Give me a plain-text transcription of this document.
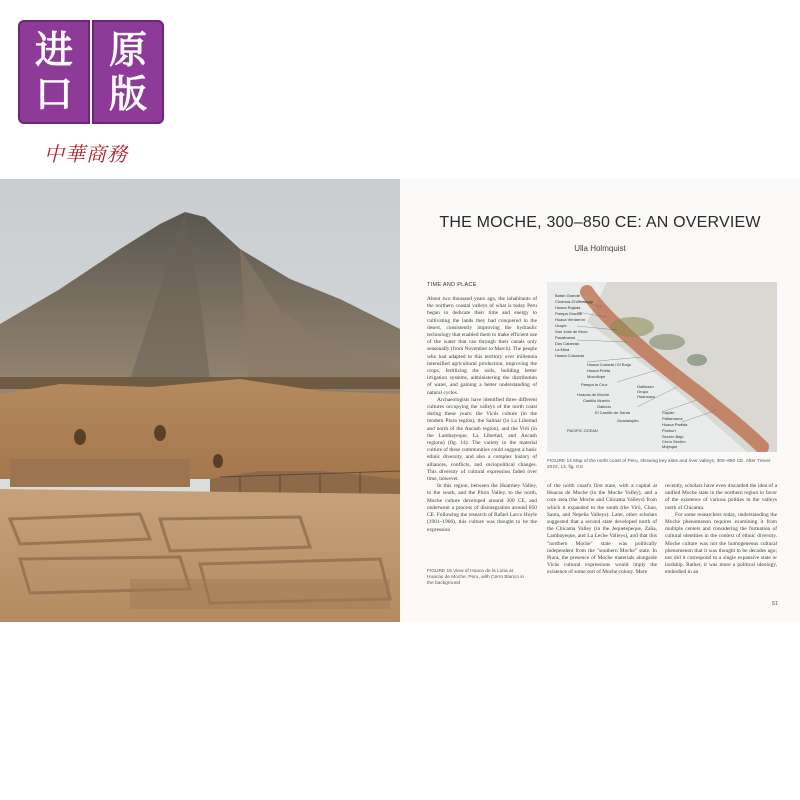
进
口
原
版
中華商務
THE MOCHE, 300–850 CE: AN OVERVIEW
Ulla Holmquist
TIME AND PLACE

About two thousand years ago, the inhabitants of the northern coastal valleys of what is today Peru began to dedicate their time and energy to cultivating the lands they had conquered in the desert, consistently improving the hydraulic technology that enabled them to make efficient use of the water that ran through their canals only seasonally (from November to March). The people who had adapted to this territory over millennia intensified agricultural production, improving the crops, fertilizing the soils, building better irrigation systems, administering the distribution of water, and gaining a better understanding of natural cycles.

Archaeologists have identified three different cultures occupying the valleys of the north coast during these years: the Vicús culture (in the modern Piura region), the Salinar (in La Libertad and north of the Ancash region), and the Virú (in the Lambayeque, La Libertad, and Ancash regions) (fig. 14). The variety in the material culture of these communities could suggest a basic ethnic diversity, and also a complex history of alliances, conflicts, and sociopolitical changes. This diversity of cultural expression faded over time, however.

In this region, between the Huarmey Valley, to the south, and the Piura Valley, to the north, Moche culture developed around 300 CE, and underwent a process of disintegration around 850 CE. Following the research of Rafael Larco Hoyle (1901–1966), this culture was thought to be the expression

Batán Grande
Chotuna-Chornancap
Huaca Rajada
Pampa Grande
Huaca Ventarrón
Úcupe
San José de Moro
Pacatnamú
Dos Cabezas
La Mina
Huaca Colorada
Huaca Cortada / El Brujo
Huaca Prieta
Mocollope
Pampa la Cruz
Huacas de Moche
Castillo Muerto
Galindo
El Castillo de Santa
Gallinazo
Grupo
Huancaco
Guadalupito
Caylán
Pañamarca
Huaca Partida
Punkurí
Sechín Bajo
Cerro Sechín
Mojeque
PACIFIC OCEAN
FIGURE 14 Map of the north coast of Peru, showing key sites and river valleys, 300–850 CE. After Trever 2022, 13, fig. 0.5

of the north coast's first state, with a capital at Huacas de Moche (in the Moche Valley), and a core area (the Moche and Chicama Valleys) from which it expanded to the south (the Virú, Chao, Santa, and Nepeña Valleys). Later, other scholars suggested that a second state developed north of the Chicama Valley (in the Jequetepeque, Zaña, Lambayeque, and La Leche Valleys), and that this "northern Moche" state was politically independent from the "southern Moche" state. In Piura, the presence of Moche materials alongside Vicús cultural expressions would imply the existence of some sort of Moche colony. More

recently, scholars have even discarded the idea of a unified Moche state in the northern region in favor of the existence of various polities in the valleys north of Chicama.

For some researchers today, understanding the Moche phenomenon requires examining it from multiple centers and considering the formation of cultural identities in the context of ethnic diversity. Moche culture was not the homogeneous cultural phenomenon that it was thought to be decades ago; nor did it correspond to a single expansive state or lordship. Rather, it was more a political ideology, embodied in an

FIGURE 15 View of Huaca de la Luna at Huacas de Moche, Peru, with Cerro Blanco in the background
51
